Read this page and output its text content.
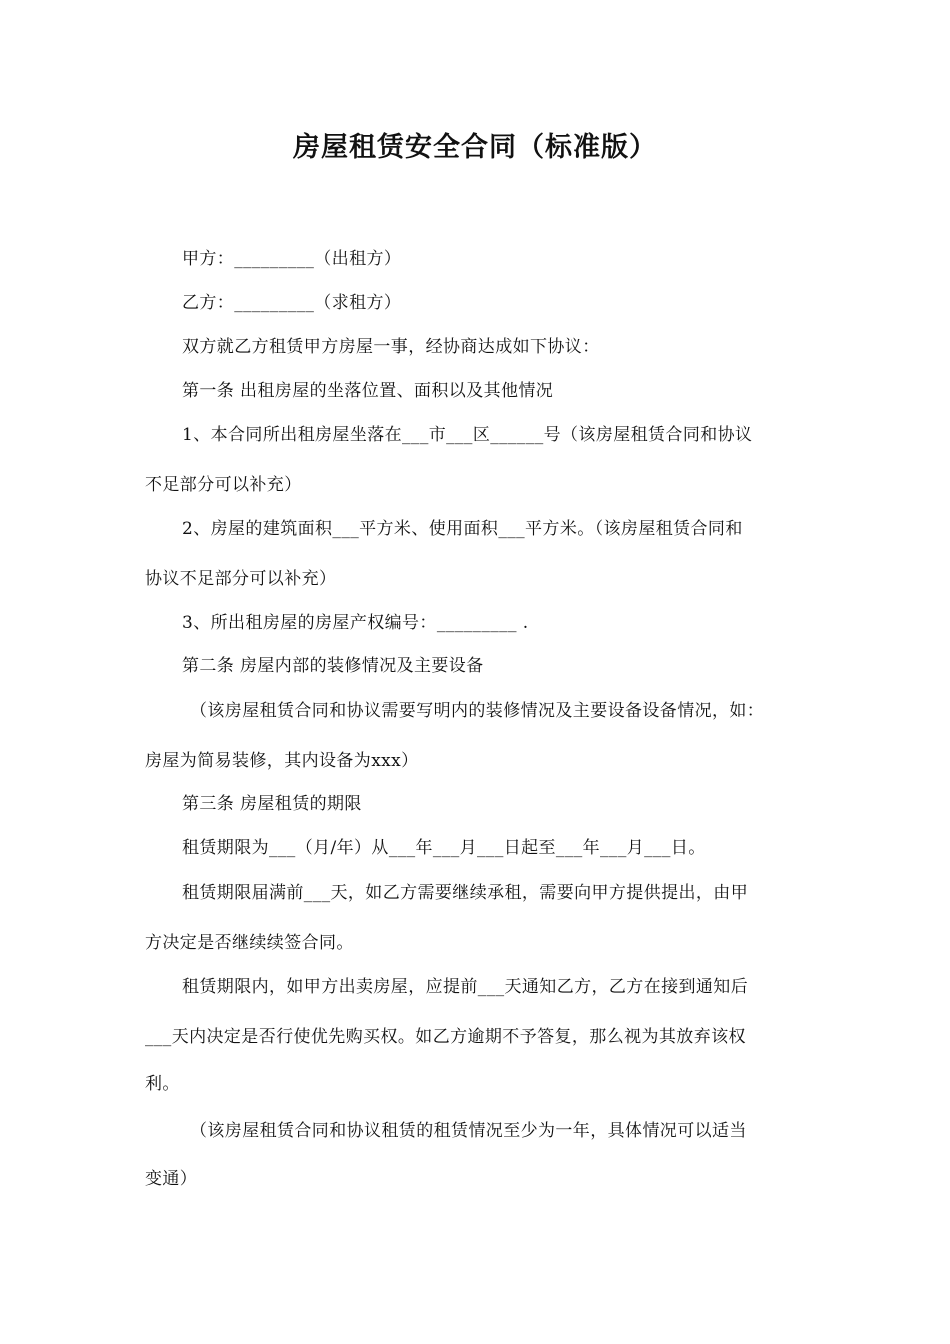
房屋租赁安全合同（标准版）
甲方：_________（出租方）
乙方：_________（求租方）
双方就乙方租赁甲方房屋一事，经协商达成如下协议：
第一条 出租房屋的坐落位置、面积以及其他情况
1、本合同所出租房屋坐落在___市___区______号（该房屋租赁合同和协议
不足部分可以补充）
2、房屋的建筑面积___平方米、使用面积___平方米。（该房屋租赁合同和
协议不足部分可以补充）
3、所出租房屋的房屋产权编号：_________ .
第二条 房屋内部的装修情况及主要设备
（该房屋租赁合同和协议需要写明内的装修情况及主要设备设备情况，如：
房屋为简易装修，其内设备为xxx）
第三条 房屋租赁的期限
租赁期限为___（月/年）从___年___月___日起至___年___月___日。
租赁期限届满前___天，如乙方需要继续承租，需要向甲方提供提出，由甲
方决定是否继续续签合同。
租赁期限内，如甲方出卖房屋，应提前___天通知乙方，乙方在接到通知后
___天内决定是否行使优先购买权。如乙方逾期不予答复，那么视为其放弃该权
利。
（该房屋租赁合同和协议租赁的租赁情况至少为一年，具体情况可以适当
变通）
